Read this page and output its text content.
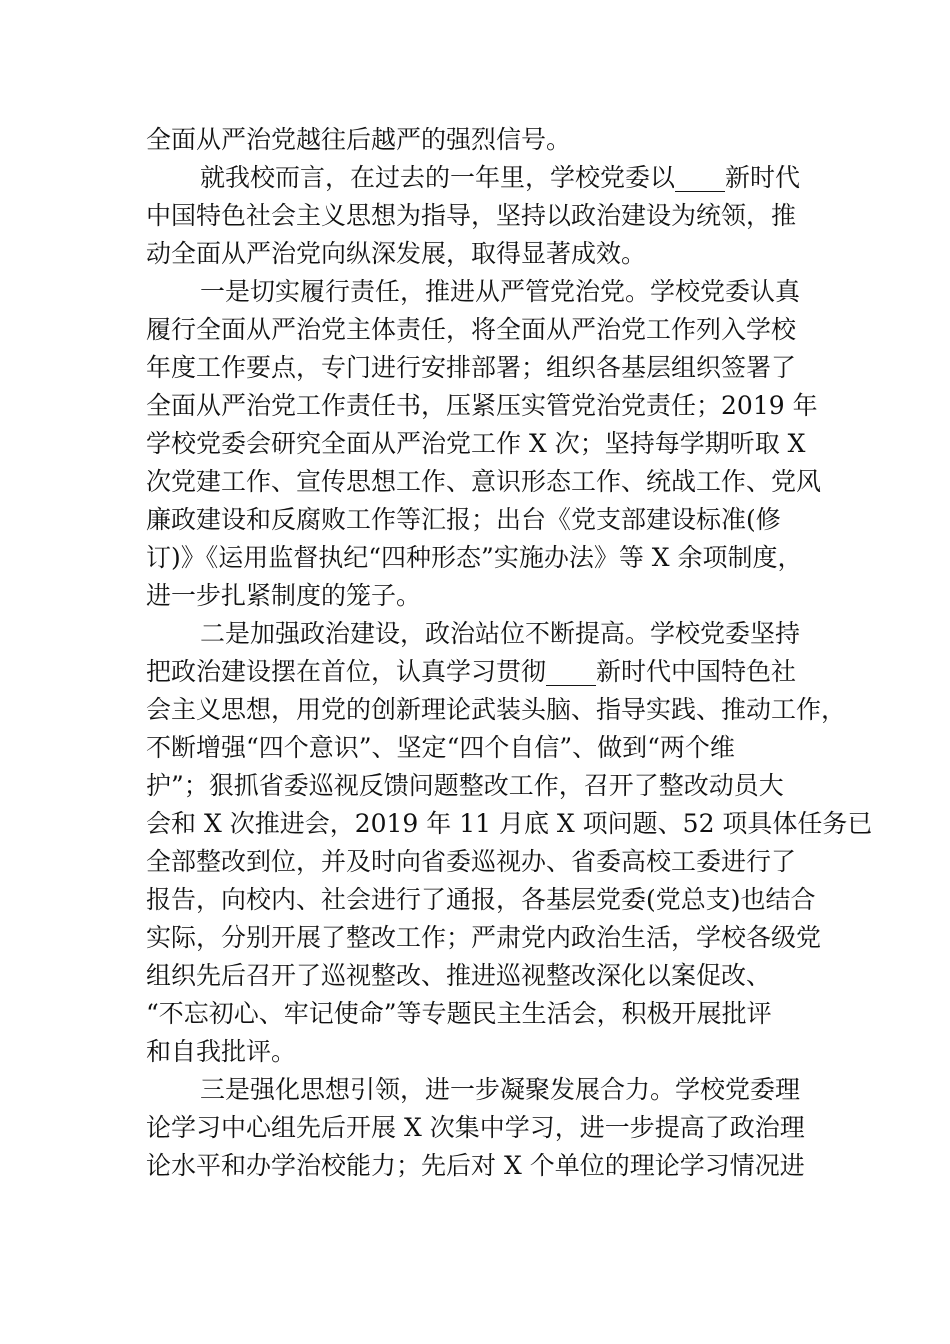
全面从严治党越往后越严的强烈信号。
就我校而言，在过去的一年里，学校党委以____新时代
中国特色社会主义思想为指导，坚持以政治建设为统领，推
动全面从严治党向纵深发展，取得显著成效。
一是切实履行责任，推进从严管党治党。学校党委认真
履行全面从严治党主体责任，将全面从严治党工作列入学校
年度工作要点，专门进行安排部署；组织各基层组织签署了
全面从严治党工作责任书，压紧压实管党治党责任；2019 年
学校党委会研究全面从严治党工作 X 次；坚持每学期听取 X
次党建工作、宣传思想工作、意识形态工作、统战工作、党风
廉政建设和反腐败工作等汇报；出台《党支部建设标准(修
订)》《运用监督执纪“四种形态”实施办法》等 X 余项制度，
进一步扎紧制度的笼子。
二是加强政治建设，政治站位不断提高。学校党委坚持
把政治建设摆在首位，认真学习贯彻____新时代中国特色社
会主义思想，用党的创新理论武装头脑、指导实践、推动工作，
不断增强“四个意识”、坚定“四个自信”、做到“两个维
护”；狠抓省委巡视反馈问题整改工作，召开了整改动员大
会和 X 次推进会，2019 年 11 月底 X 项问题、52 项具体任务已
全部整改到位，并及时向省委巡视办、省委高校工委进行了
报告，向校内、社会进行了通报，各基层党委(党总支)也结合
实际，分别开展了整改工作；严肃党内政治生活，学校各级党
组织先后召开了巡视整改、推进巡视整改深化以案促改、
“不忘初心、牢记使命”等专题民主生活会，积极开展批评
和自我批评。
三是强化思想引领，进一步凝聚发展合力。学校党委理
论学习中心组先后开展 X 次集中学习，进一步提高了政治理
论水平和办学治校能力；先后对 X 个单位的理论学习情况进
